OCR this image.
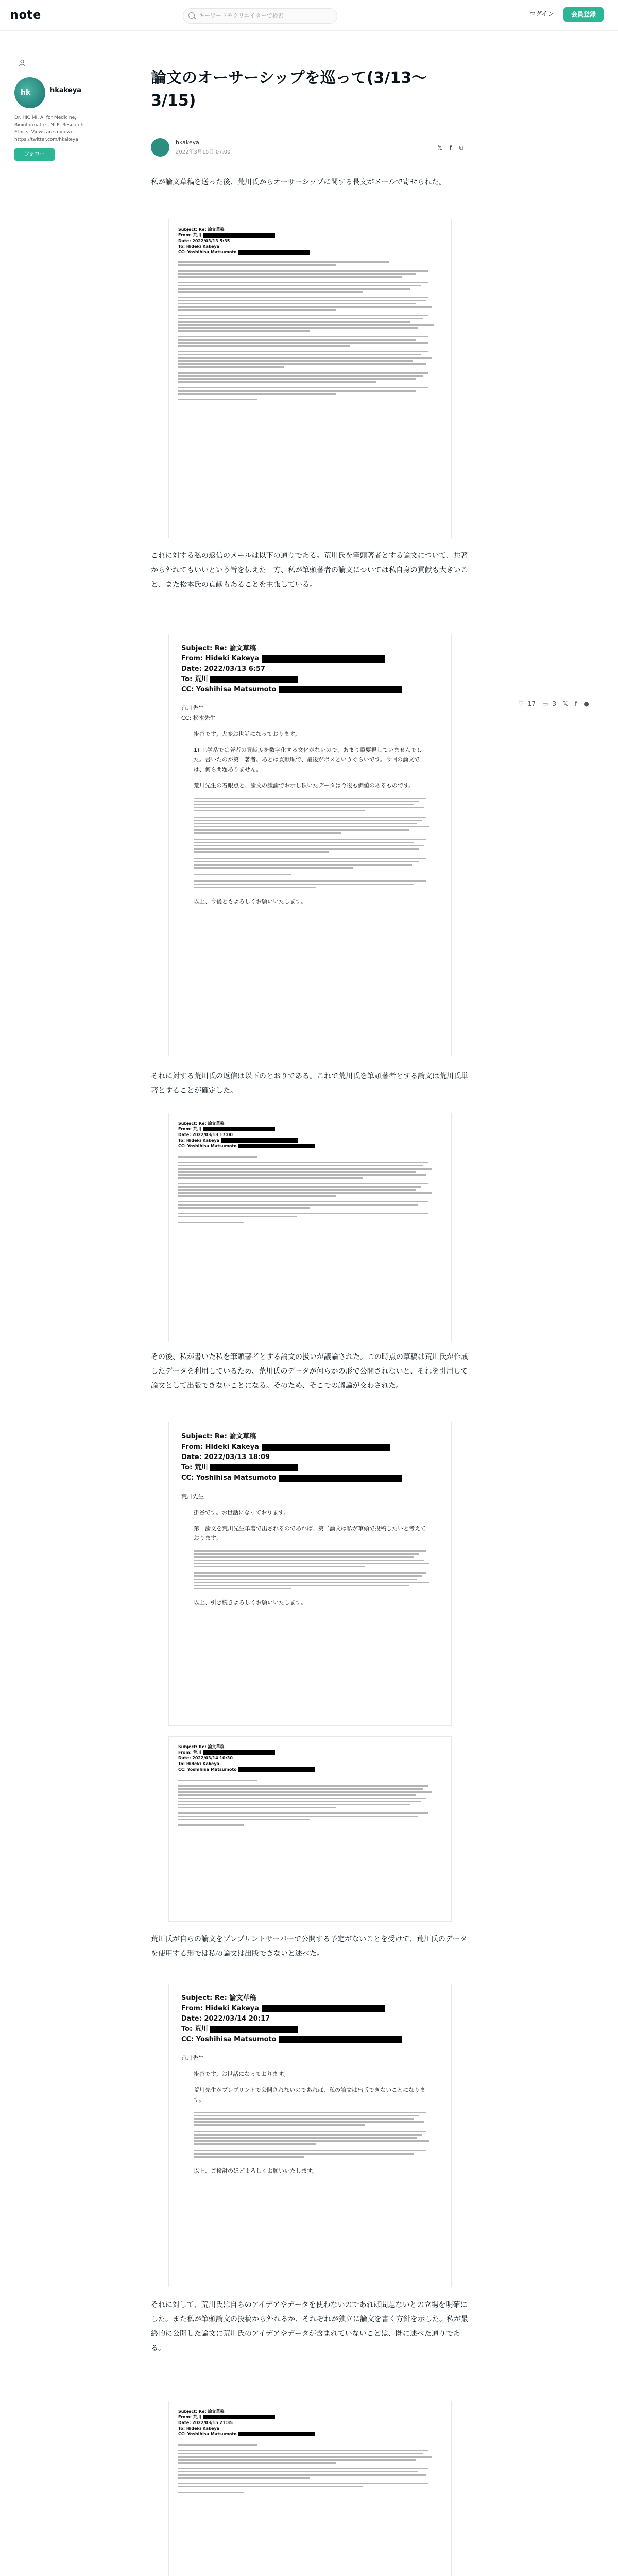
note	キーワードやクリエイターで検索	ログイン	会員登録
hk	hkakeya
Dr. HK. MI, AI for Medicine, Bioinformatics, NLP, Research Ethics. Views are my own. https://twitter.com/hkakeya
フォロー
論文のオーサーシップを巡って(3/13〜3/15)
hkakeya
2022年3月15日 07:00
𝕏	f	⧉

私が論文草稿を送った後、荒川氏からオーサーシップに関する長文がメールで寄せられた。

Subject: Re: 論文草稿
From: 荒川
Date: 2022/03/13 5:35
To: Hideki Kakeya
CC: Yoshihisa Matsumoto
♡ 17 ▭ 3 𝕏 f ●

これに対する私の返信のメールは以下の通りである。荒川氏を筆頭著者とする論文について、共著から外れてもいいという旨を伝えた一方、私が筆頭著者の論文については私自身の貢献も大きいこと、また松本氏の貢献もあることを主張している。

Subject: Re: 論文草稿
From: Hideki Kakeya
Date: 2022/03/13 6:57
To: 荒川
CC: Yoshihisa Matsumoto
荒川先生
CC: 松本先生
掛谷です。大変お世話になっております。
1) 工学系では著者の貢献度を数字化する文化がないので、あまり重要視していませんでした。書いたのが第一著者。あとは貢献順で、最後がボスというぐらいです。今回の論文では、何ら問題ありません。
荒川先生の着眼点と、論文の議論でお示し頂いたデータは今後も価値のあるものです。
以上、今後ともよろしくお願いいたします。

それに対する荒川氏の返信は以下のとおりである。これで荒川氏を筆頭著者とする論文は荒川氏単著とすることが確定した。

Subject: Re: 論文草稿
From: 荒川
Date: 2022/03/13 17:00
To: Hideki Kakeya
CC: Yoshihisa Matsumoto

その後、私が書いた私を筆頭著者とする論文の扱いが議論された。この時点の草稿は荒川氏が作成したデータを利用しているため、荒川氏のデータが何らかの形で公開されないと、それを引用して論文として出版できないことになる。そのため、そこでの議論が交わされた。

Subject: Re: 論文草稿
From: Hideki Kakeya
Date: 2022/03/13 18:09
To: 荒川
CC: Yoshihisa Matsumoto
荒川先生
掛谷です。お世話になっております。
第一論文を荒川先生単著で出されるのであれば、第二論文は私が筆頭で投稿したいと考えております。
以上、引き続きよろしくお願いいたします。
Subject: Re: 論文草稿
From: 荒川
Date: 2022/03/14 10:30
To: Hideki Kakeya
CC: Yoshihisa Matsumoto

荒川氏が自らの論文をプレプリントサーバーで公開する予定がないことを受けて、荒川氏のデータを使用する形では私の論文は出版できないと述べた。

Subject: Re: 論文草稿
From: Hideki Kakeya
Date: 2022/03/14 20:17
To: 荒川
CC: Yoshihisa Matsumoto
荒川先生
掛谷です。お世話になっております。
荒川先生がプレプリントで公開されないのであれば、私の論文は出版できないことになります。
以上、ご検討のほどよろしくお願いいたします。

それに対して、荒川氏は自らのアイデアやデータを使わないのであれば問題ないとの立場を明確にした。また私が筆頭論文の投稿から外れるか、それぞれが独立に論文を書く方針を示した。私が最終的に公開した論文に荒川氏のアイデアやデータが含まれていないことは、既に述べた通りである。

Subject: Re: 論文草稿
From: 荒川
Date: 2022/03/15 21:35
To: Hideki Kakeya
CC: Yoshihisa Matsumoto
